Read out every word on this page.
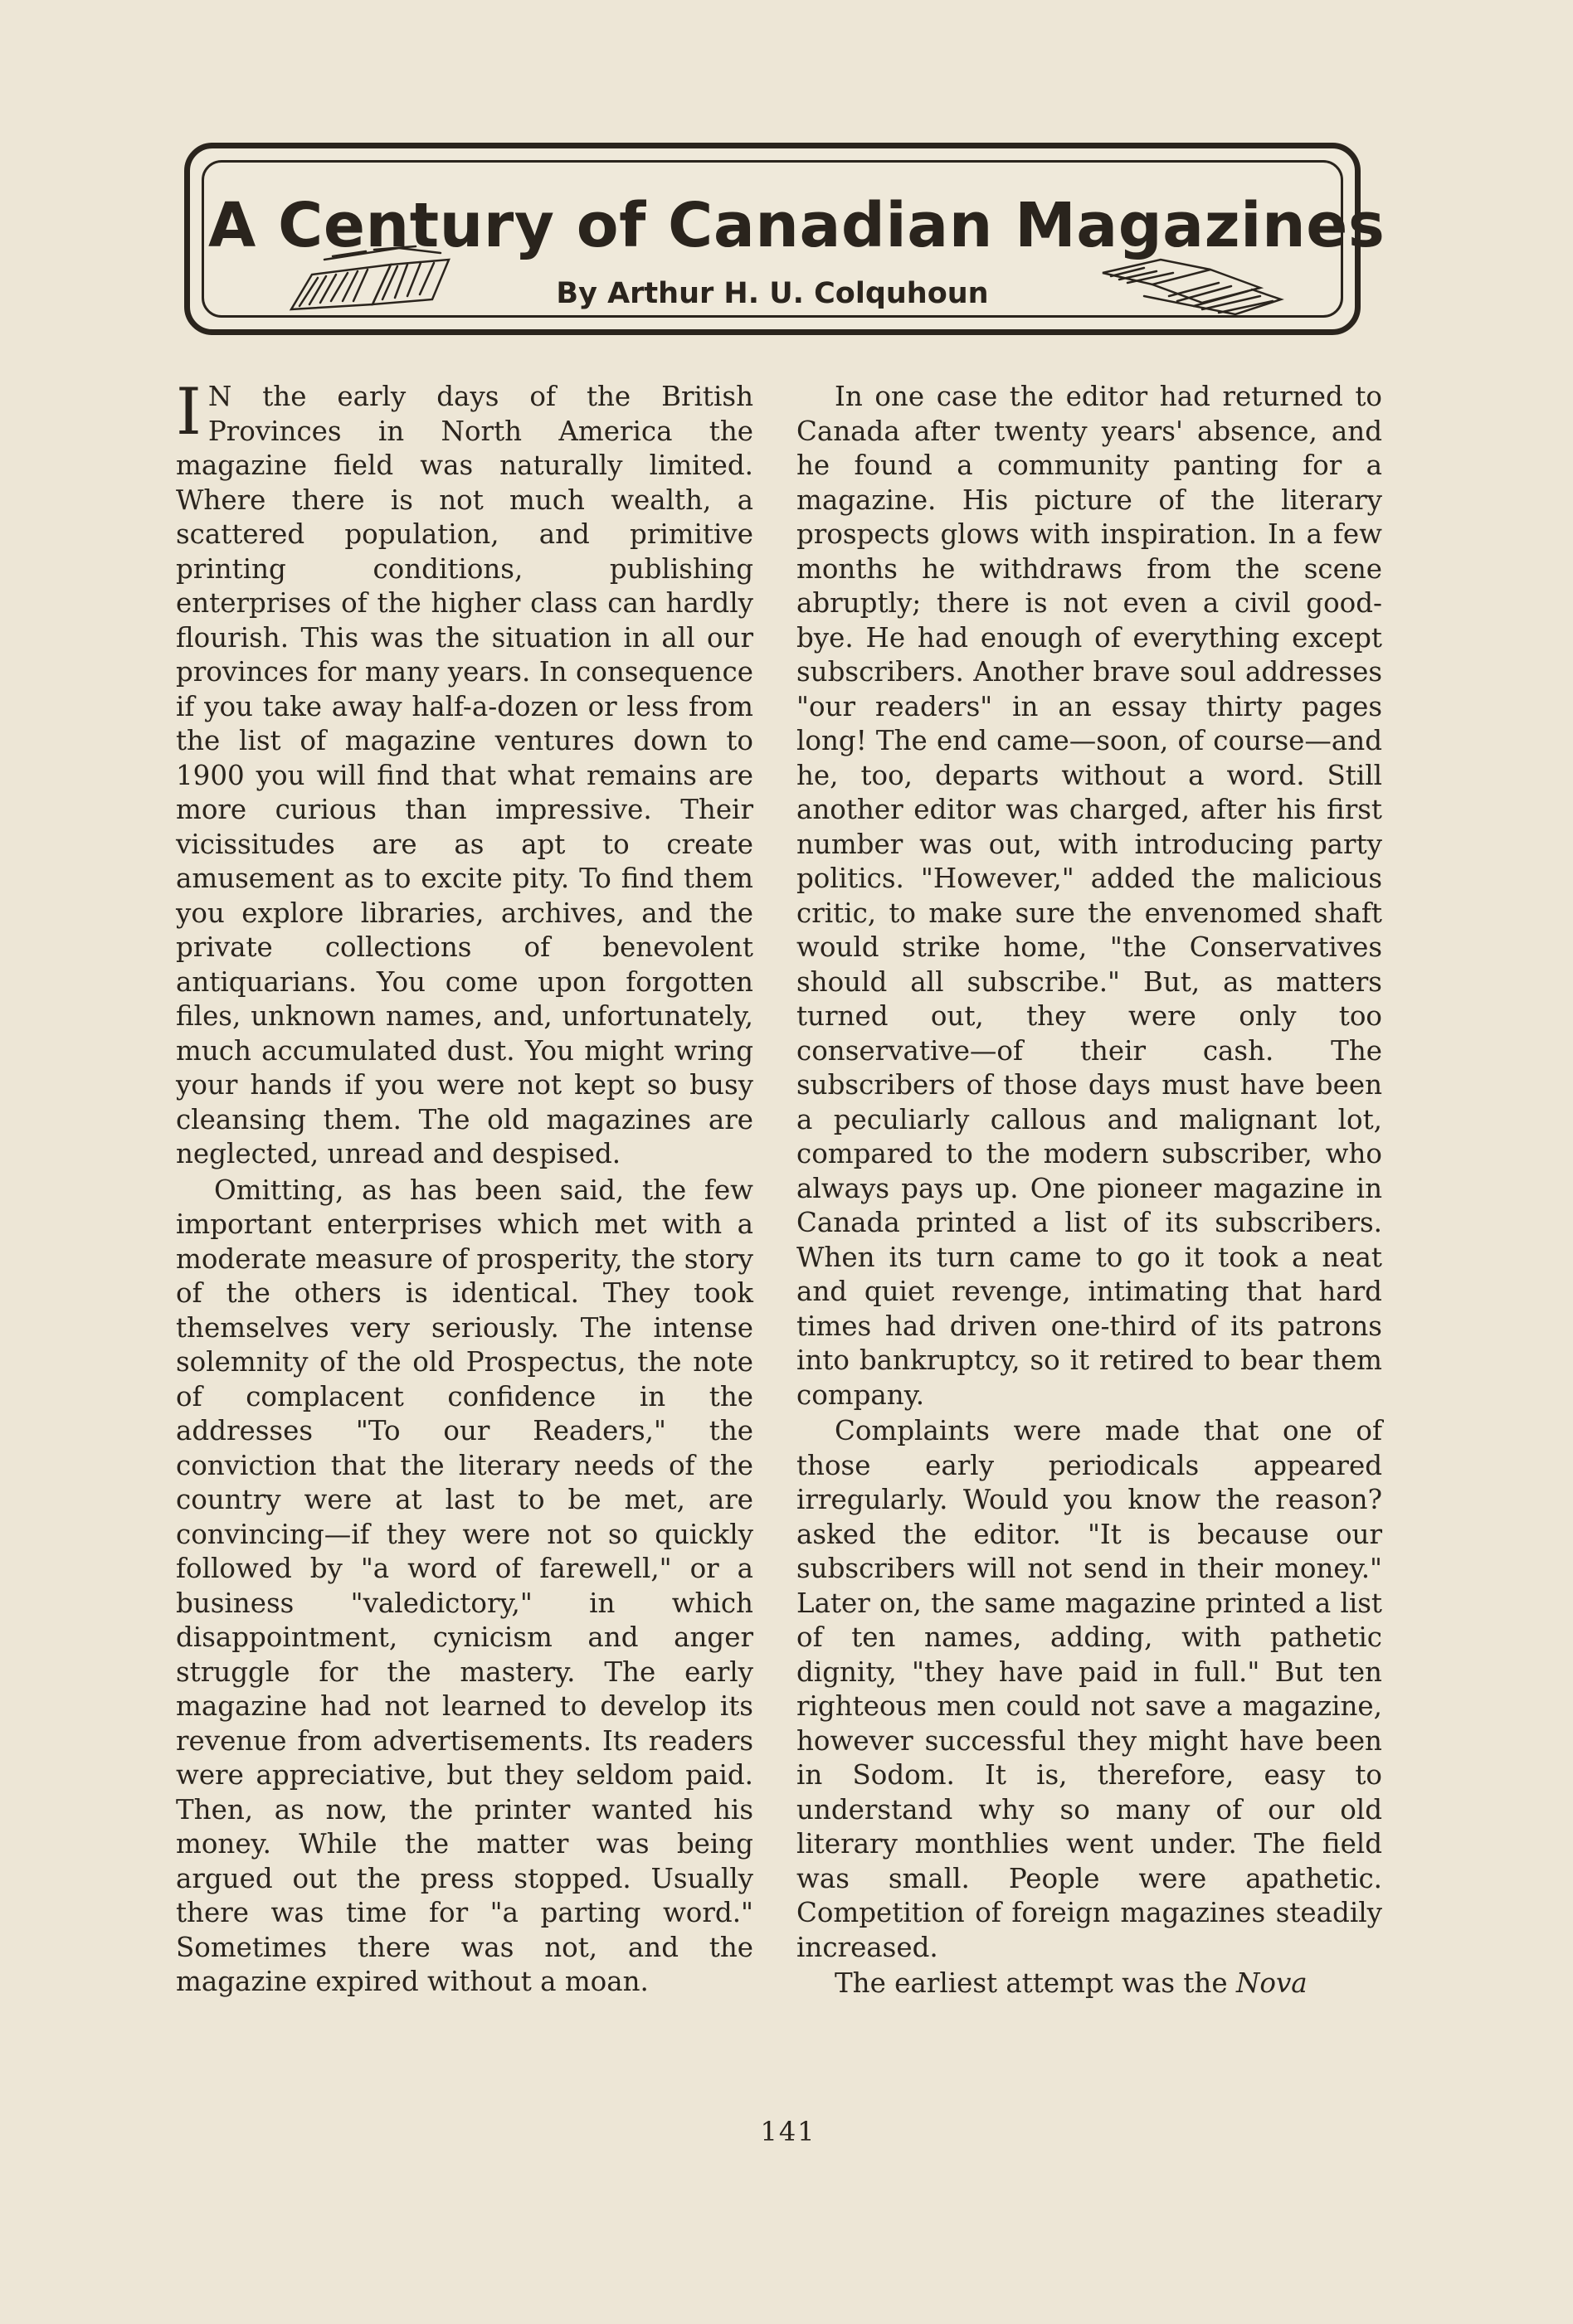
A Century of Canadian Magazines
By Arthur H. U. Colquhoun

I N the early days of the British Provinces in North America the magazine field was naturally limited. Where there is not much wealth, a scattered population, and primitive printing conditions, publishing enterprises of the higher class can hardly flourish. This was the situation in all our provinces for many years. In consequence if you take away half-a-dozen or less from the list of magazine ventures down to 1900 you will find that what remains are more curious than impressive. Their vicissitudes are as apt to create amusement as to excite pity. To find them you explore libraries, archives, and the private collections of benevolent antiquarians. You come upon forgotten files, unknown names, and, unfortunately, much accumulated dust. You might wring your hands if you were not kept so busy cleansing them. The old magazines are neglected, unread and despised.

Omitting, as has been said, the few important enterprises which met with a moderate measure of prosperity, the story of the others is identical. They took themselves very seriously. The intense solemnity of the old Prospectus, the note of complacent confidence in the addresses "To our Readers," the conviction that the literary needs of the country were at last to be met, are convincing—if they were not so quickly followed by "a word of farewell," or a business "valedictory," in which disappointment, cynicism and anger struggle for the mastery. The early magazine had not learned to develop its revenue from advertisements. Its readers were appreciative, but they seldom paid. Then, as now, the printer wanted his money. While the matter was being argued out the press stopped. Usually there was time for "a parting word." Sometimes there was not, and the magazine expired without a moan.

In one case the editor had returned to Canada after twenty years' absence, and he found a community panting for a magazine. His picture of the literary prospects glows with inspiration. In a few months he withdraws from the scene abruptly; there is not even a civil good-bye. He had enough of everything except subscribers. Another brave soul addresses "our readers" in an essay thirty pages long! The end came—soon, of course—and he, too, departs without a word. Still another editor was charged, after his first number was out, with introducing party politics. "However," added the malicious critic, to make sure the envenomed shaft would strike home, "the Conservatives should all subscribe." But, as matters turned out, they were only too conservative—of their cash. The subscribers of those days must have been a peculiarly callous and malignant lot, compared to the modern subscriber, who always pays up. One pioneer magazine in Canada printed a list of its subscribers. When its turn came to go it took a neat and quiet revenge, intimating that hard times had driven one-third of its patrons into bankruptcy, so it retired to bear them company.

Complaints were made that one of those early periodicals appeared irregularly. Would you know the reason? asked the editor. "It is because our subscribers will not send in their money." Later on, the same magazine printed a list of ten names, adding, with pathetic dignity, "they have paid in full." But ten righteous men could not save a magazine, however successful they might have been in Sodom. It is, therefore, easy to understand why so many of our old literary monthlies went under. The field was small. People were apathetic. Competition of foreign magazines steadily increased.

The earliest attempt was the Nova

141
